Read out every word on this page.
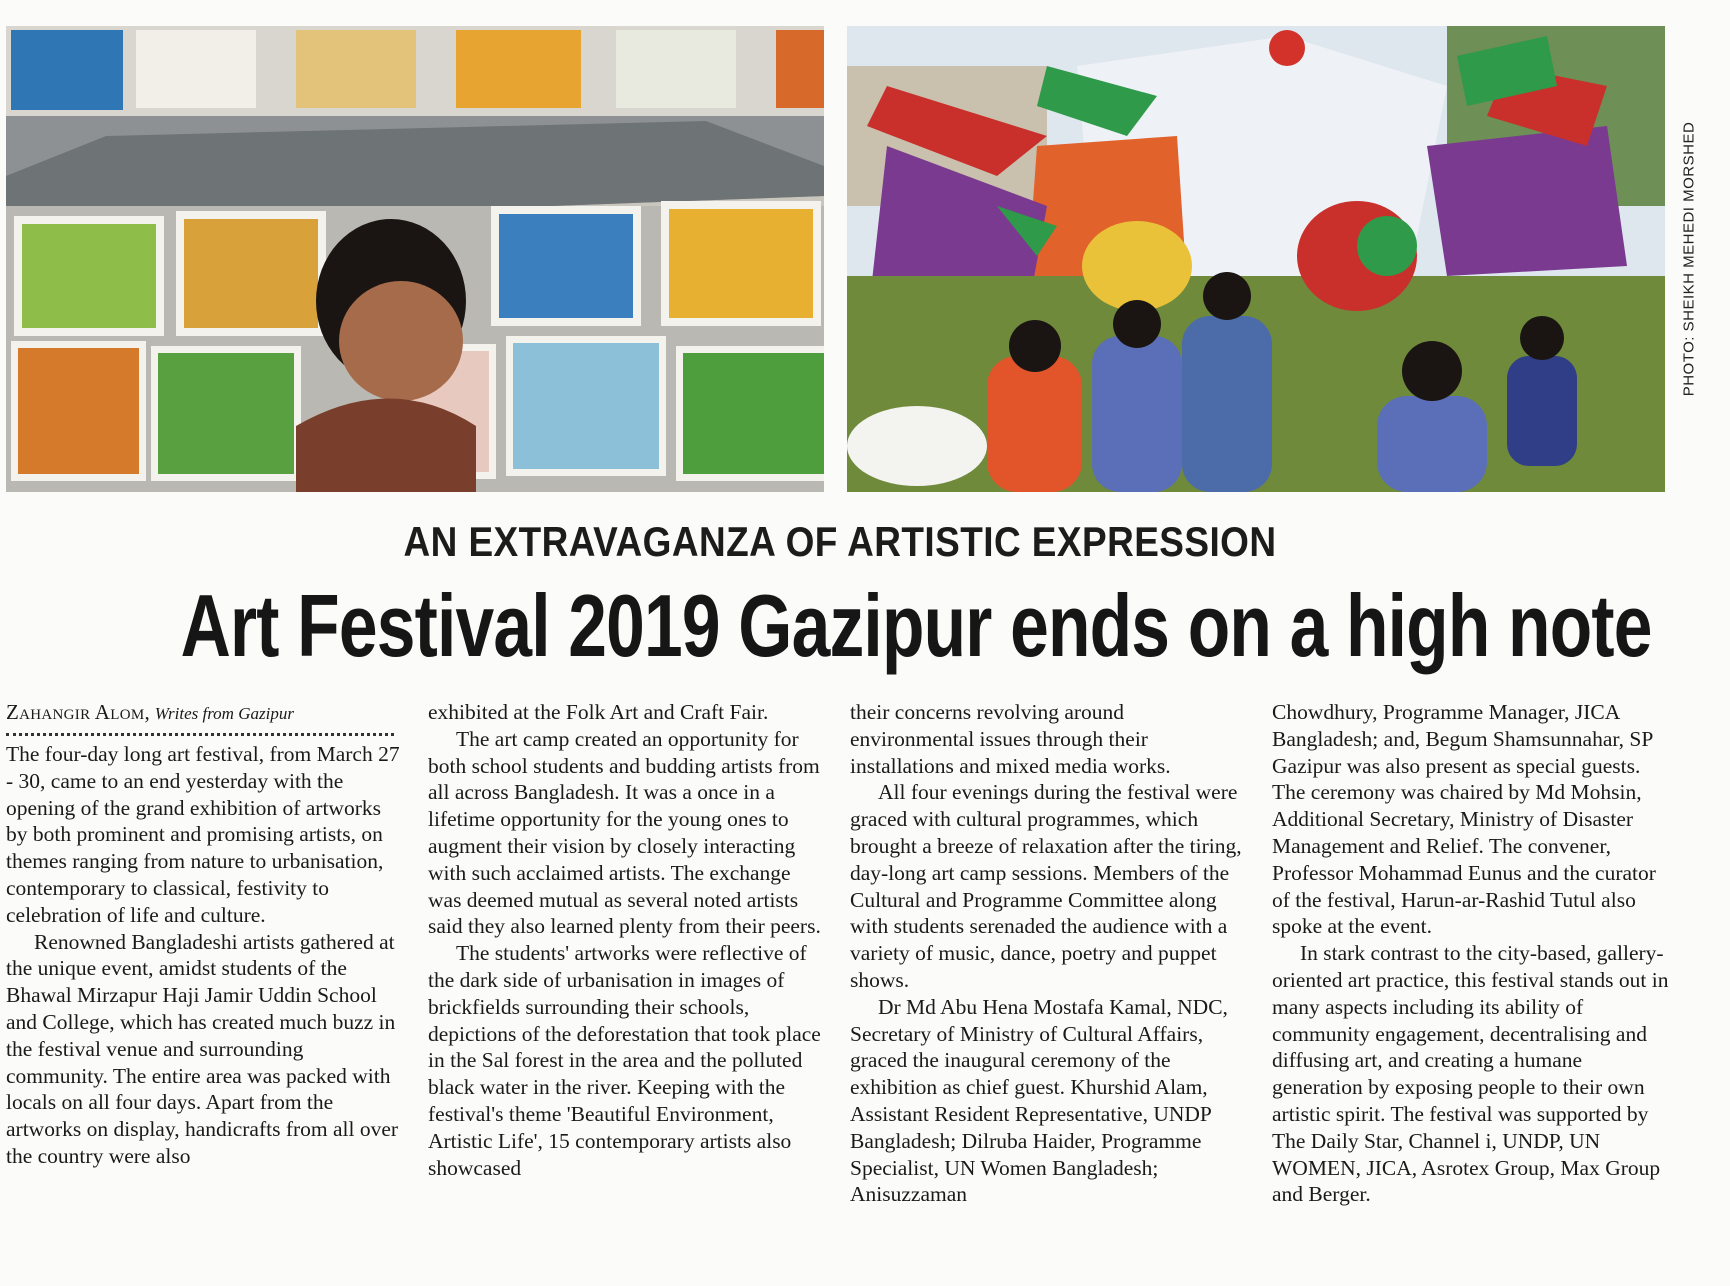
PHOTO: SHEIKH MEHEDI MORSHED
AN EXTRAVAGANZA OF ARTISTIC EXPRESSION
Art Festival 2019 Gazipur ends on a high note

Zahangir Alom, Writes from Gazipur

The four-day long art festival, from March 27 - 30, came to an end yesterday with the opening of the grand exhibition of artworks by both prominent and promising artists, on themes ranging from nature to urbanisation, contemporary to classical, festivity to celebration of life and culture.

Renowned Bangladeshi artists gathered at the unique event, amidst students of the Bhawal Mirzapur Haji Jamir Uddin School and College, which has created much buzz in the festival venue and surrounding community. The entire area was packed with locals on all four days. Apart from the artworks on display, handicrafts from all over the country were also

exhibited at the Folk Art and Craft Fair.

The art camp created an opportunity for both school students and budding artists from all across Bangladesh. It was a once in a lifetime opportunity for the young ones to augment their vision by closely interacting with such acclaimed artists. The exchange was deemed mutual as several noted artists said they also learned plenty from their peers.

The students' artworks were reflective of the dark side of urbanisation in images of brickfields surrounding their schools, depictions of the deforestation that took place in the Sal forest in the area and the polluted black water in the river. Keeping with the festival's theme 'Beautiful Environment, Artistic Life', 15 contemporary artists also showcased

their concerns revolving around environmental issues through their installations and mixed media works.

All four evenings during the festival were graced with cultural programmes, which brought a breeze of relaxation after the tiring, day-long art camp sessions. Members of the Cultural and Programme Committee along with students serenaded the audience with a variety of music, dance, poetry and puppet shows.

Dr Md Abu Hena Mostafa Kamal, NDC, Secretary of Ministry of Cultural Affairs, graced the inaugural ceremony of the exhibition as chief guest. Khurshid Alam, Assistant Resident Representative, UNDP Bangladesh; Dilruba Haider, Programme Specialist, UN Women Bangladesh; Anisuzzaman

Chowdhury, Programme Manager, JICA Bangladesh; and, Begum Shamsunnahar, SP Gazipur was also present as special guests. The ceremony was chaired by Md Mohsin, Additional Secretary, Ministry of Disaster Management and Relief. The convener, Professor Mohammad Eunus and the curator of the festival, Harun-ar-Rashid Tutul also spoke at the event.

In stark contrast to the city-based, gallery-oriented art practice, this festival stands out in many aspects including its ability of community engagement, decentralising and diffusing art, and creating a humane generation by exposing people to their own artistic spirit. The festival was supported by The Daily Star, Channel i, UNDP, UN WOMEN, JICA, Asrotex Group, Max Group and Berger.
